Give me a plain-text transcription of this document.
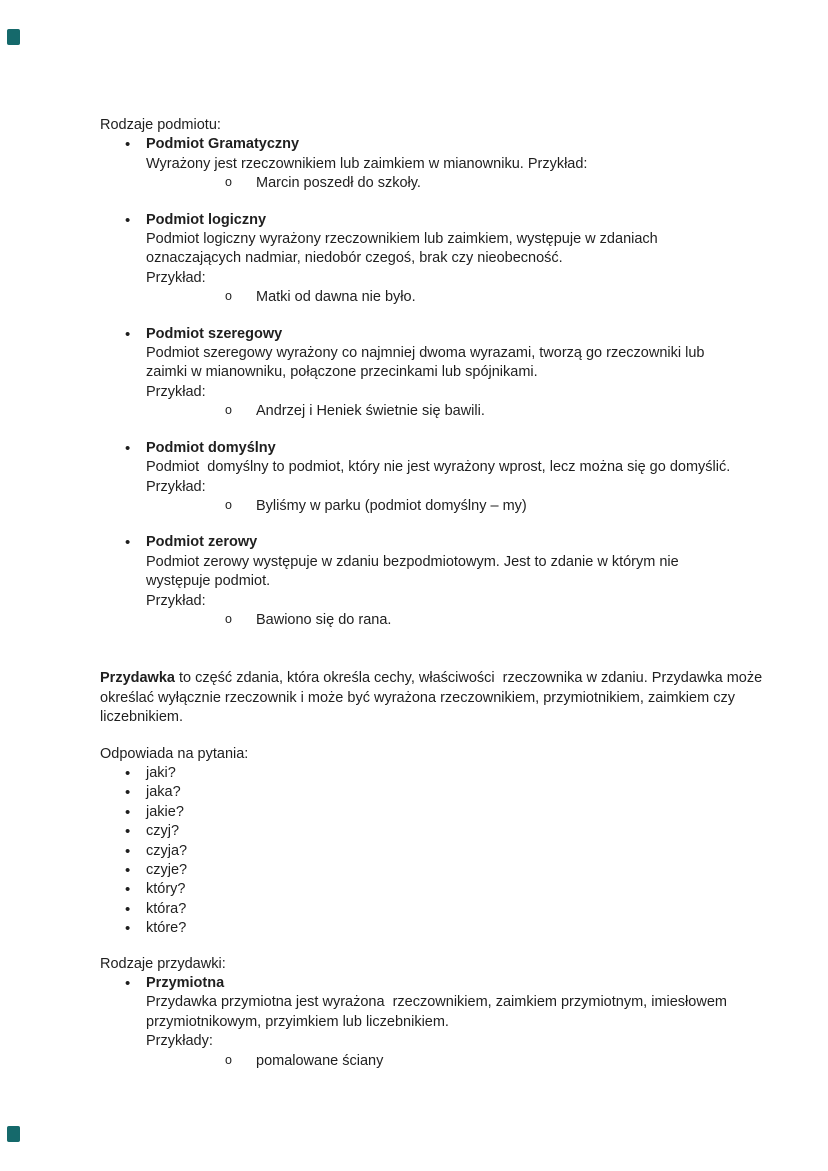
Rodzaje podmiotu:
• Podmiot Gramatyczny
Wyrażony jest rzeczownikiem lub zaimkiem w mianowniku. Przykład:
o Marcin poszedł do szkoły.
• Podmiot logiczny
Podmiot logiczny wyrażony rzeczownikiem lub zaimkiem, występuje w zdaniach
oznaczających nadmiar, niedobór czegoś, brak czy nieobecność.
Przykład:
o Matki od dawna nie było.
• Podmiot szeregowy
Podmiot szeregowy wyrażony co najmniej dwoma wyrazami, tworzą go rzeczowniki lub
zaimki w mianowniku, połączone przecinkami lub spójnikami.
Przykład:
o Andrzej i Heniek świetnie się bawili.
• Podmiot domyślny
Podmiot  domyślny to podmiot, który nie jest wyrażony wprost, lecz można się go domyślić.
Przykład:
o Byliśmy w parku (podmiot domyślny – my)
• Podmiot zerowy
Podmiot zerowy występuje w zdaniu bezpodmiotowym. Jest to zdanie w którym nie
występuje podmiot.
Przykład:
o Bawiono się do rana.
Przydawka to część zdania, która określa cechy, właściwości  rzeczownika w zdaniu. Przydawka może
określać wyłącznie rzeczownik i może być wyrażona rzeczownikiem, przymiotnikiem, zaimkiem czy
liczebnikiem.
Odpowiada na pytania:
• jaki?
• jaka?
• jakie?
• czyj?
• czyja?
• czyje?
• który?
• która?
• które?
Rodzaje przydawki:
• Przymiotna
Przydawka przymiotna jest wyrażona  rzeczownikiem, zaimkiem przymiotnym, imiesłowem
przymiotnikowym, przyimkiem lub liczebnikiem.
Przykłady:
o pomalowane ściany
